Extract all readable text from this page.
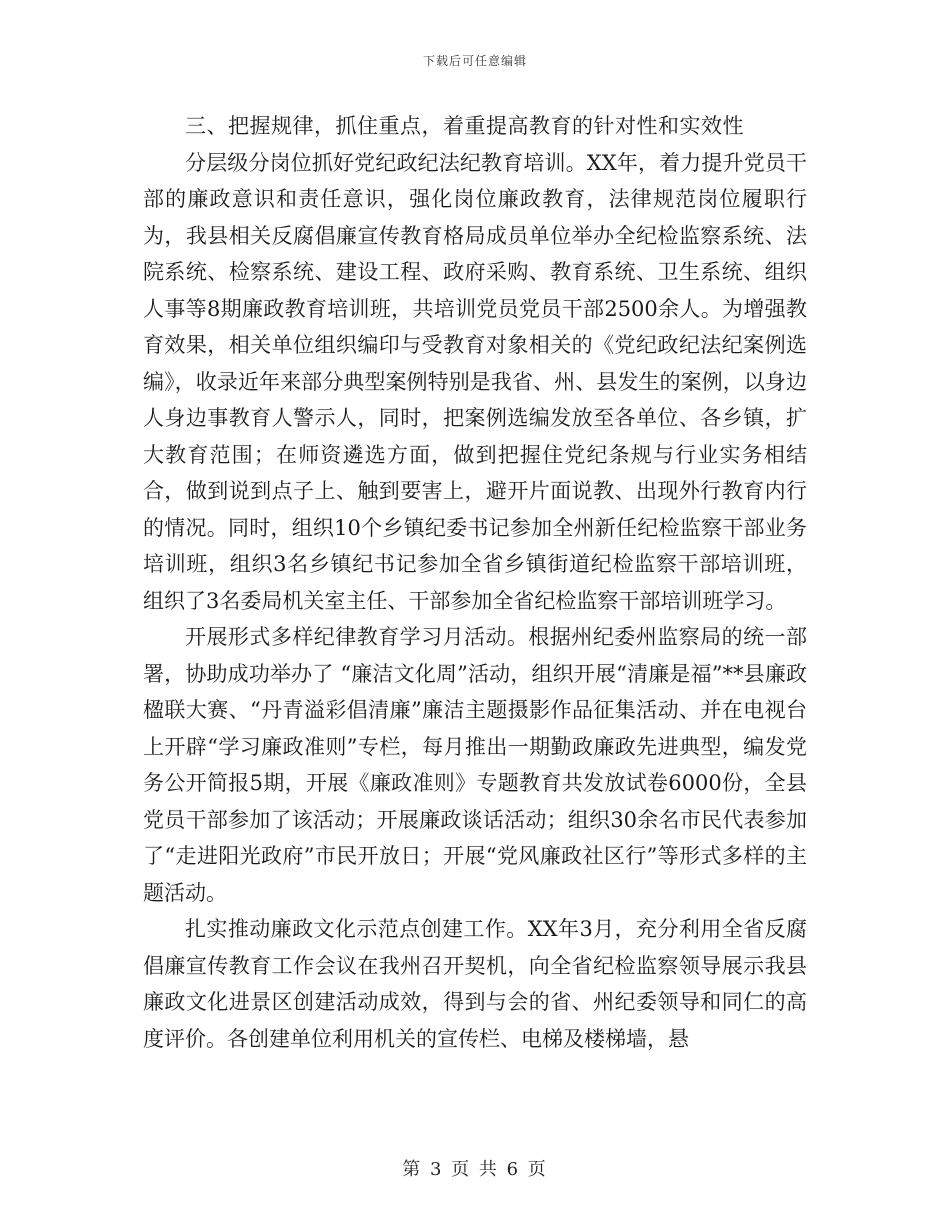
下载后可任意编辑
三、把握规律，抓住重点，着重提高教育的针对性和实效性

分层级分岗位抓好党纪政纪法纪教育培训。XX年，着力提升党员干部的廉政意识和责任意识，强化岗位廉政教育，法律规范岗位履职行为，我县相关反腐倡廉宣传教育格局成员单位举办全纪检监察系统、法院系统、检察系统、建设工程、政府采购、教育系统、卫生系统、组织人事等8期廉政教育培训班，共培训党员党员干部2500余人。为增强教育效果，相关单位组织编印与受教育对象相关的《党纪政纪法纪案例选编》，收录近年来部分典型案例特别是我省、州、县发生的案例，以身边人身边事教育人警示人，同时，把案例选编发放至各单位、各乡镇，扩大教育范围；在师资遴选方面，做到把握住党纪条规与行业实务相结合，做到说到点子上、触到要害上，避开片面说教、出现外行教育内行的情况。同时，组织10个乡镇纪委书记参加全州新任纪检监察干部业务培训班，组织3名乡镇纪书记参加全省乡镇街道纪检监察干部培训班，组织了3名委局机关室主任、干部参加全省纪检监察干部培训班学习。

开展形式多样纪律教育学习月活动。根据州纪委州监察局的统一部署，协助成功举办了 “廉洁文化周”活动，组织开展“清廉是福”**县廉政楹联大赛、“丹青溢彩倡清廉”廉洁主题摄影作品征集活动、并在电视台上开辟“学习廉政准则”专栏，每月推出一期勤政廉政先进典型，编发党务公开简报5期，开展《廉政准则》专题教育共发放试卷6000份，全县党员干部参加了该活动；开展廉政谈话活动；组织30余名市民代表参加了“走进阳光政府”市民开放日；开展“党风廉政社区行”等形式多样的主题活动。

扎实推动廉政文化示范点创建工作。XX年3月，充分利用全省反腐倡廉宣传教育工作会议在我州召开契机，向全省纪检监察领导展示我县廉政文化进景区创建活动成效，得到与会的省、州纪委领导和同仁的高度评价。各创建单位利用机关的宣传栏、电梯及楼梯墙，悬

第 3 页 共 6 页
